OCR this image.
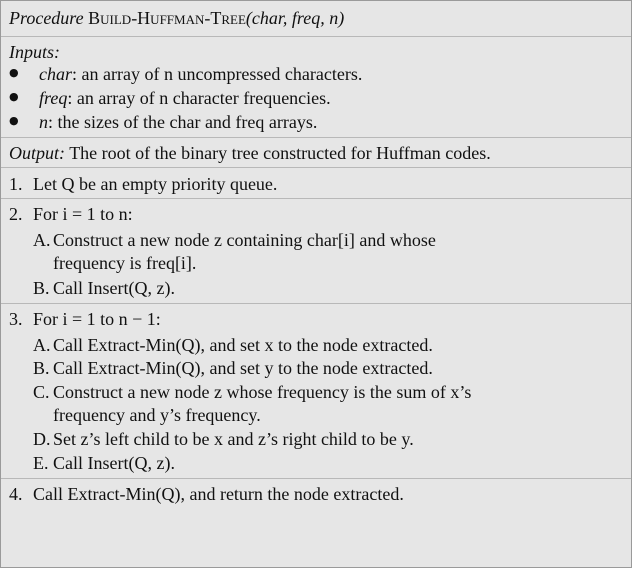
Procedure Build-Huffman-Tree(char, freq, n)
Inputs:
● char: an array of n uncompressed characters.
● freq: an array of n character frequencies.
● n: the sizes of the char and freq arrays.
Output: The root of the binary tree constructed for Huffman codes.
1. Let Q be an empty priority queue.
2. For i = 1 to n:
A. Construct a new node z containing char[i] and whose
frequency is freq[i].
B. Call Insert(Q, z).
3. For i = 1 to n − 1:
A. Call Extract-Min(Q), and set x to the node extracted.
B. Call Extract-Min(Q), and set y to the node extracted.
C. Construct a new node z whose frequency is the sum of x’s
frequency and y’s frequency.
D. Set z’s left child to be x and z’s right child to be y.
E. Call Insert(Q, z).
4. Call Extract-Min(Q), and return the node extracted.
